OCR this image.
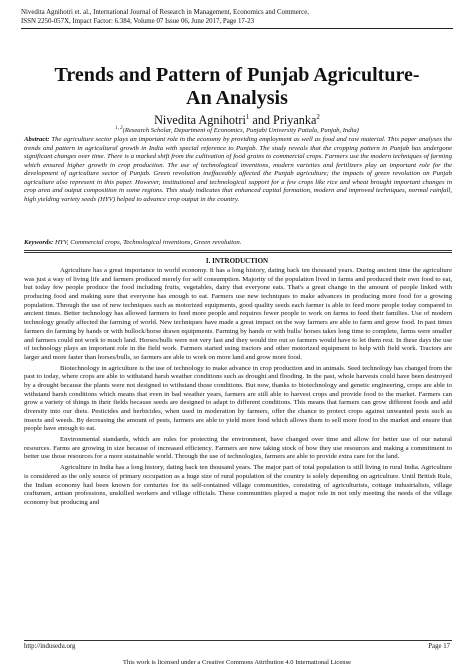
Nivedita Agnihotri et. al., International Journal of Research in Management, Economics and Commerce,
ISSN 2250-057X, Impact Factor: 6.384, Volume 07 Issue 06, June 2017, Page 17-23
Trends and Pattern of Punjab Agriculture-
An Analysis
Nivedita Agnihotri$^1$ and Priyanka$^2$
$^{1, 2}$(Research Scholar, Department of Economics, Punjabi University Patiala, Punjab, India)
Abstract: The agriculture sector plays an important role in the economy by providing employment as well as food and raw material. This paper analyses the trends and pattern in agricultural growth in India with special reference to Punjab. The study reveals that the cropping pattern in Punjab has undergone significant changes over time. There is a marked shift from the cultivation of food grains to commercial crops. Farmers use the modern techniques of farming which ensured higher growth in crop production. The use of technological inventions, modern varieties and fertilizers play an important role for the development of agriculture sector of Punjab. Green revolution ineffaceably affected the Punjab agriculture; the impacts of green revolution on Punjab agriculture also represent in this paper. However, institutional and technological support for a few crops like rice and wheat brought important changes in crop area and output composition in some regions. This study indicates that enhanced capital formation, modern and improved techniques, normal rainfall, high yielding variety seeds (HYV) helped to advance crop output in the country.
Keywords: HYV, Commercial crops, Technological inventions, Green revolution.
I. INTRODUCTION

Agriculture has a great importance in world economy. It has a long history, dating back ten thousand years. During ancient time the agriculture was just a way of living life and farmers produced merely for self consumption. Majority of the population lived in farms and produced their own food to eat, but today few people produce the food including fruits, vegetables, dairy that everyone eats. That's a great change in the amount of people linked with producing food and making sure that everyone has enough to eat. Farmers use new techniques to make advances in producing more food for a growing population. Through the use of new techniques such as motorized equipments, good quality seeds each farmer is able to feed more people today compared to ancient times. Better technology has allowed farmers to feed more people and requires fewer people to work on farms to feed their families. Use of modern technology greatly affected the farming of world. New techniques have made a great impact on the way farmers are able to farm and grow food. In past times farmers do farming by hands or with bullock/horse drawn equipments. Farming by hands or with bulls/ horses takes long time to complete, farms were smaller and farmers could not work to much land. Horses/bulls were not very fast and they would tire out so farmers would have to let them rest. In these days the use of technology plays an important role in the field work. Farmers started using tractors and other motorized equipment to help with field work. Tractors are larger and more faster than horses/bulls, so farmers are able to work on more land and grow more food.

Biotechnology in agriculture is the use of technology to make advance in crop production and in animals. Seed technology has changed from the past to today, where crops are able to withstand harsh weather conditions such as drought and flooding. In the past, whole harvests could have been destroyed by a drought because the plants were not designed to withstand those conditions. But now, thanks to biotechnology and genetic engineering, crops are able to withstand harsh conditions which means that even in bad weather years, farmers are still able to harvest crops and provide food to the market. Farmers can grow a variety of things in their fields because seeds are designed to adapt to different conditions. This means that farmers can grow different foods and add diversity into our diets. Pesticides and herbicides, when used in moderation by farmers, offer the chance to protect crops against unwanted pests such as insects and weeds. By decreasing the amount of pests, farmers are able to yield more food which allows them to sell more food to the market and ensure that people have enough to eat.

Environmental standards, which are rules for protecting the environment, have changed over time and allow for better use of our natural resources. Farms are growing in size because of increased efficiency. Farmers are now taking stock of how they use resources and making a commitment to better use those resources for a more sustainable world. Through the use of technologies, farmers are able to provide extra care for the land.

Agriculture in India has a long history, dating back ten thousand years. The major part of total population is still living in rural India. Agriculture is considered as the only source of primary occupation as a huge size of rural population of the country is solely depending on agriculture. Until British Rule, the Indian economy had been known for centuries for its self-contained village communities, consisting of agriculturists, cottage industrialists, village craftsmen, artisan professions, unskilled workers and village officials. These communities played a major role in not only meeting the needs of the village economy but producing and

http://indusedu.org	Page 17
This work is licensed under a Creative Commons Attribution 4.0 International License
